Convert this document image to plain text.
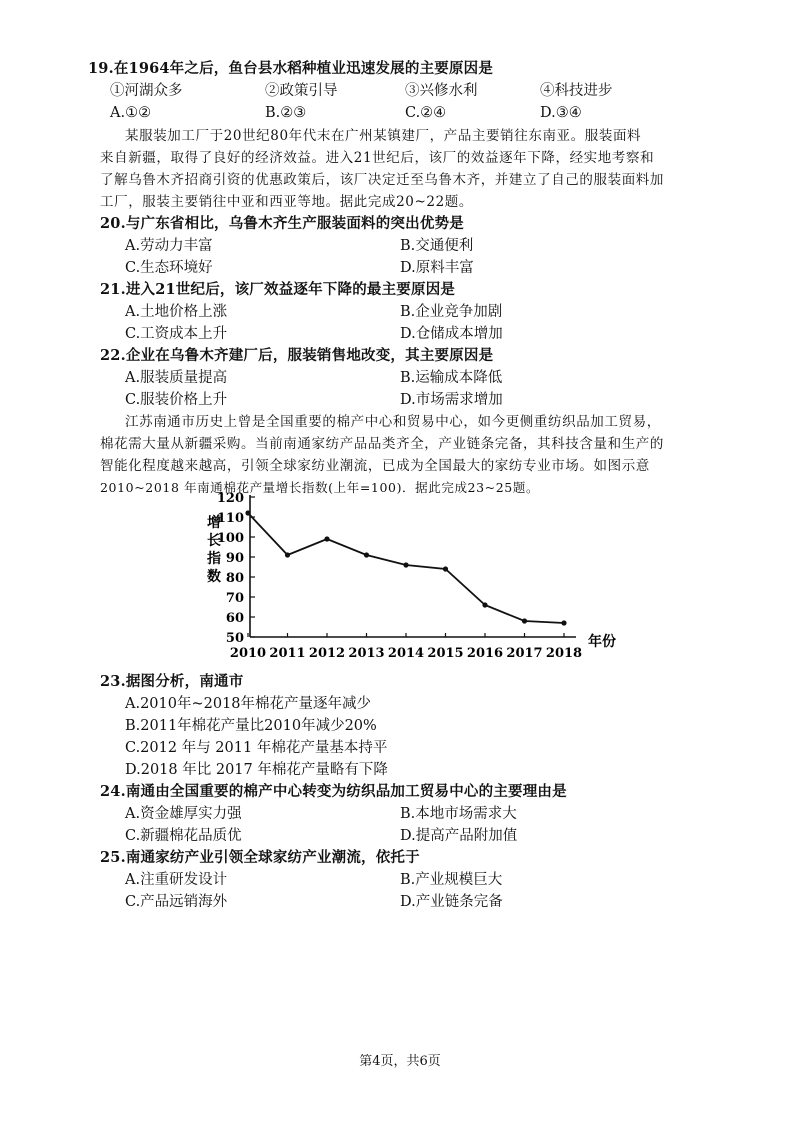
19.在1964年之后，鱼台县水稻种植业迅速发展的主要原因是
①河湖众多	②政策引导	③兴修水利	④科技进步
A.①②	B.②③	C.②④	D.③④
某服装加工厂于20世纪80年代末在广州某镇建厂，产品主要销往东南亚。服装面料
来自新疆，取得了良好的经济效益。进入21世纪后，该厂的效益逐年下降，经实地考察和
了解乌鲁木齐招商引资的优惠政策后，该厂决定迁至乌鲁木齐，并建立了自己的服装面料加
工厂，服装主要销往中亚和西亚等地。据此完成20~22题。
20.与广东省相比，乌鲁木齐生产服装面料的突出优势是
A.劳动力丰富	B.交通便利
C.生态环境好	D.原料丰富
21.进入21世纪后，该厂效益逐年下降的最主要原因是
A.土地价格上涨	B.企业竞争加剧
C.工资成本上升	D.仓储成本增加
22.企业在乌鲁木齐建厂后，服装销售地改变，其主要原因是
A.服装质量提高	B.运输成本降低
C.服装价格上升	D.市场需求增加
江苏南通市历史上曾是全国重要的棉产中心和贸易中心，如今更侧重纺织品加工贸易，
棉花需大量从新疆采购。当前南通家纺产品品类齐全，产业链条完备，其科技含量和生产的
智能化程度越来越高，引领全球家纺业潮流，已成为全国最大的家纺专业市场。如图示意
2010~2018 年南通棉花产量增长指数(上年=100)．据此完成23~25题。
50
60
70
80
90
100
110
120
2010 2011 2012 2013 2014 2015 2016 2017 2018
增长指数
年份
23.据图分析，南通市
A.2010年~2018年棉花产量逐年减少
B.2011年棉花产量比2010年减少20%
C.2012 年与 2011 年棉花产量基本持平
D.2018 年比 2017 年棉花产量略有下降
24.南通由全国重要的棉产中心转变为纺织品加工贸易中心的主要理由是
A.资金雄厚实力强	B.本地市场需求大
C.新疆棉花品质优	D.提高产品附加值
25.南通家纺产业引领全球家纺产业潮流，依托于
A.注重研发设计	B.产业规模巨大
C.产品远销海外	D.产业链条完备
第4页，共6页
